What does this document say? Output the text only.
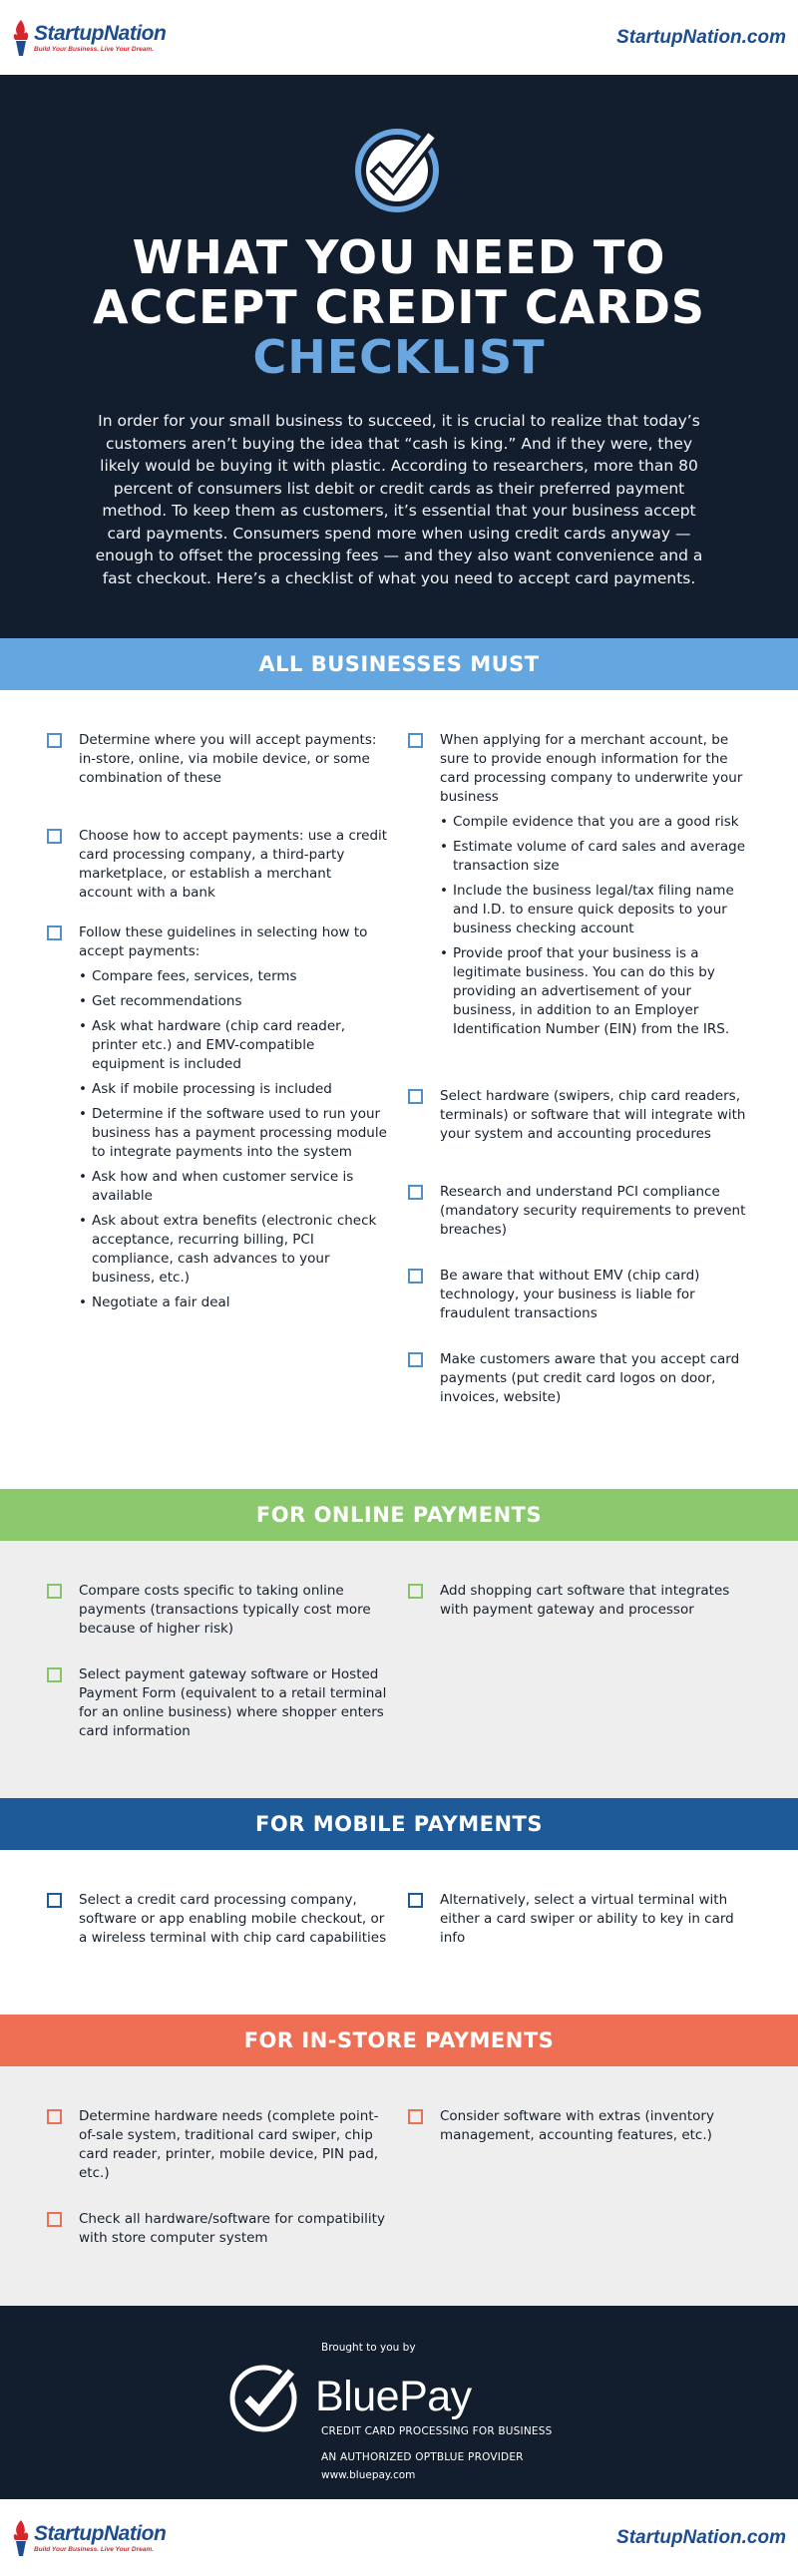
StartupNation
Build Your Business. Live Your Dream.
StartupNation.com
WHAT YOU NEED TO
ACCEPT CREDIT CARDS
CHECKLIST

In order for your small business to succeed, it is crucial to realize that today’s customers aren’t buying the idea that “cash is king.” And if they were, they likely would be buying it with plastic. According to researchers, more than 80 percent of consumers list debit or credit cards as their preferred payment method. To keep them as customers, it’s essential that your business accept card payments. Consumers spend more when using credit cards anyway — enough to offset the processing fees — and they also want convenience and a fast checkout. Here’s a checklist of what you need to accept card payments.

ALL BUSINESSES MUST
Determine where you will accept payments: in-store, online, via mobile device, or some combination of these
Choose how to accept payments: use a credit card processing company, a third-party marketplace, or establish a merchant account with a bank
Follow these guidelines in selecting how to accept payments:
• Compare fees, services, terms
• Get recommendations
• Ask what hardware (chip card reader, printer etc.) and EMV-compatible equipment is included
• Ask if mobile processing is included
• Determine if the software used to run your business has a payment processing module to integrate payments into the system
• Ask how and when customer service is available
• Ask about extra benefits (electronic check acceptance, recurring billing, PCI compliance, cash advances to your business, etc.)
• Negotiate a fair deal
When applying for a merchant account, be sure to provide enough information for the card processing company to underwrite your business
• Compile evidence that you are a good risk
• Estimate volume of card sales and average transaction size
• Include the business legal/tax filing name and I.D. to ensure quick deposits to your business checking account
• Provide proof that your business is a legitimate business. You can do this by providing an advertisement of your business, in addition to an Employer Identification Number (EIN) from the IRS.
Select hardware (swipers, chip card readers, terminals) or software that will integrate with your system and accounting procedures
Research and understand PCI compliance (mandatory security requirements to prevent breaches)
Be aware that without EMV (chip card) technology, your business is liable for fraudulent transactions
Make customers aware that you accept card payments (put credit card logos on door, invoices, website)
FOR ONLINE PAYMENTS
Compare costs specific to taking online payments (transactions typically cost more because of higher risk)
Select payment gateway software or Hosted Payment Form (equivalent to a retail terminal for an online business) where shopper enters card information
Add shopping cart software that integrates with payment gateway and processor
FOR MOBILE PAYMENTS
Select a credit card processing company, software or app enabling mobile checkout, or a wireless terminal with chip card capabilities
Alternatively, select a virtual terminal with either a card swiper or ability to key in card info
FOR IN-STORE PAYMENTS
Determine hardware needs (complete point-of-sale system, traditional card swiper, chip card reader, printer, mobile device, PIN pad, etc.)
Check all hardware/software for compatibility with store computer system
Consider software with extras (inventory management, accounting features, etc.)
Brought to you by
BluePay
CREDIT CARD PROCESSING FOR BUSINESS
AN AUTHORIZED OPTBLUE PROVIDER
www.bluepay.com
StartupNation
Build Your Business. Live Your Dream.
StartupNation.com
